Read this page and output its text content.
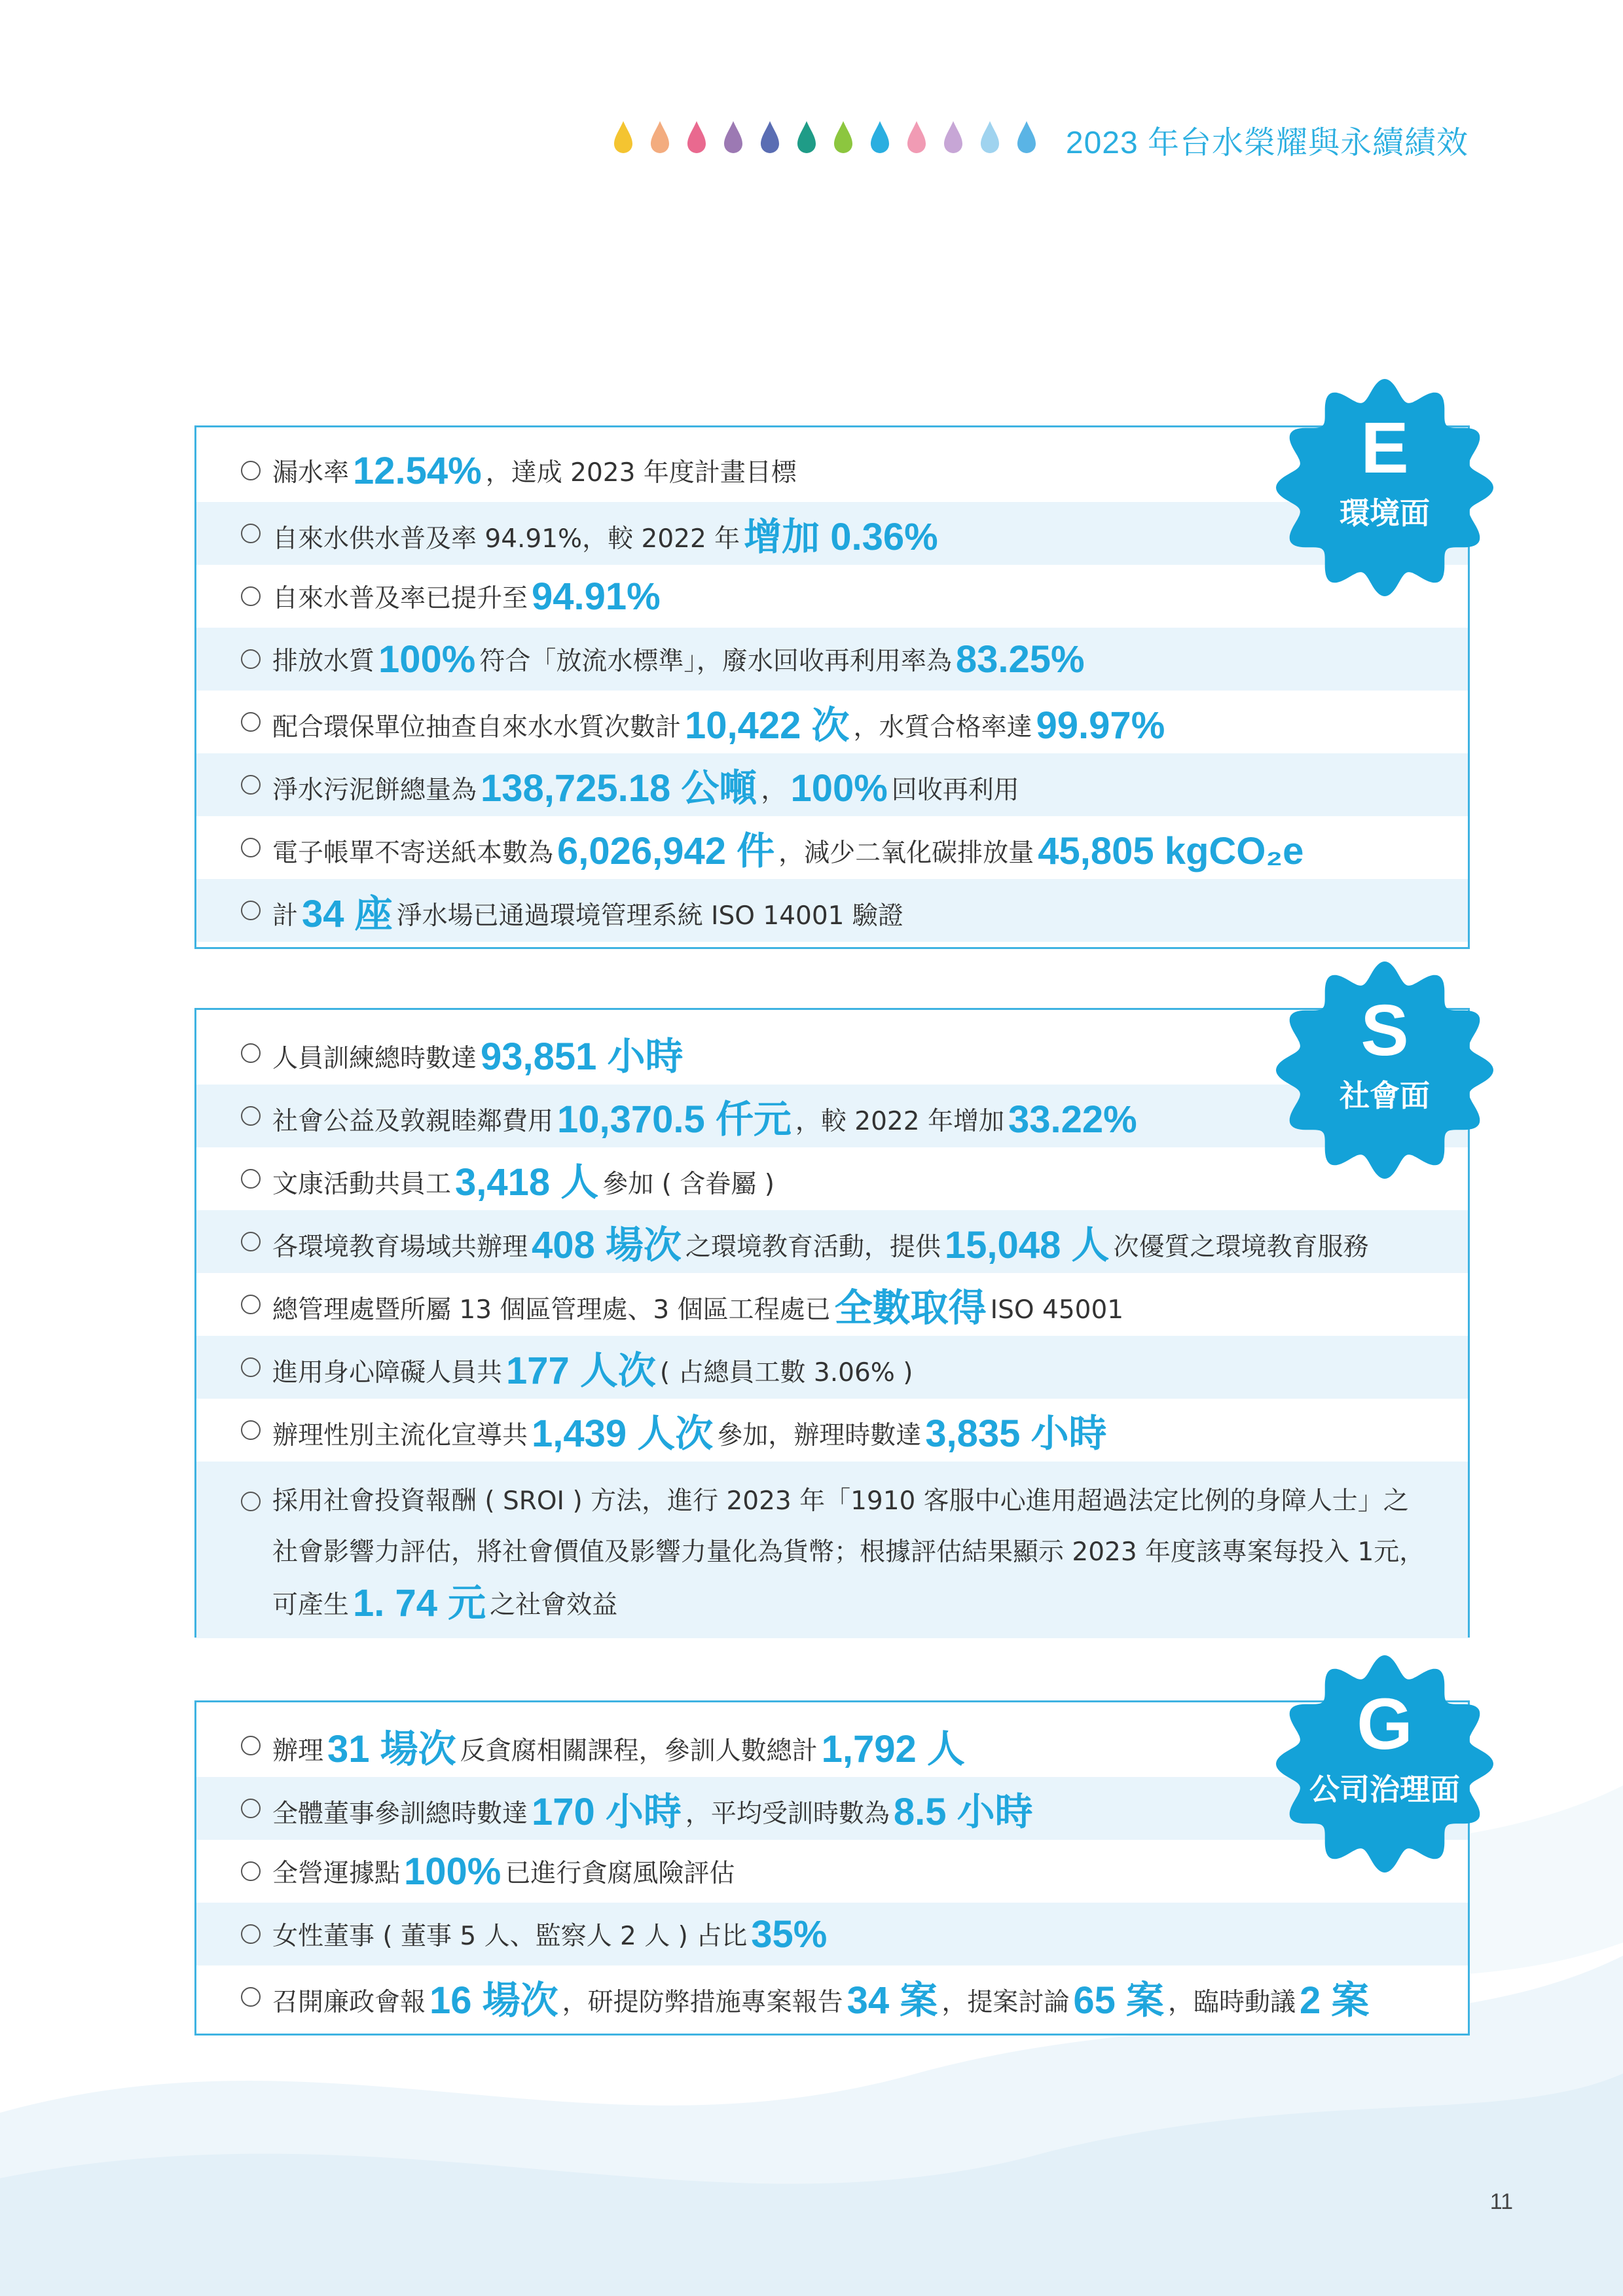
2023 年台水榮耀與永續績效
漏水率 12.54% ，達成 2023 年度計畫目標
自來水供水普及率 94.91%，較 2022 年 增加 0.36%
自來水普及率已提升至 94.91%
排放水質 100% 符合「放流水標準」，廢水回收再利用率為 83.25%
配合環保單位抽查自來水水質次數計 10,422 次 ，水質合格率達 99.97%
淨水污泥餅總量為 138,725.18 公噸 ， 100% 回收再利用
電子帳單不寄送紙本數為 6,026,942 件 ，減少二氧化碳排放量 45,805 kgCO₂e
計 34 座 淨水場已通過環境管理系統 ISO 14001 驗證
E
環境面
人員訓練總時數達 93,851 小時
社會公益及敦親睦鄰費用 10,370.5 仟元 ，較 2022 年增加 33.22%
文康活動共員工 3,418 人 參加 ( 含眷屬 )
各環境教育場域共辦理 408 場次 之環境教育活動，提供 15,048 人 次優質之環境教育服務
總管理處暨所屬 13 個區管理處、3 個區工程處已 全數取得 ISO 45001
進用身心障礙人員共 177 人次 ( 占總員工數 3.06% )
辦理性別主流化宣導共 1,439 人次 參加，辦理時數達 3,835 小時
採用社會投資報酬 ( SROI ) 方法，進行 2023 年「1910 客服中心進用超過法定比例的身障人士」之社會影響力評估，將社會價值及影響力量化為貨幣；根據評估結果顯示 2023 年度該專案每投入 1元，可產生 1. 74 元 之社會效益
S
社會面
辦理 31 場次 反貪腐相關課程，參訓人數總計 1,792 人
全體董事參訓總時數達 170 小時 ，平均受訓時數為 8.5 小時
全營運據點 100% 已進行貪腐風險評估
女性董事 ( 董事 5 人、監察人 2 人 ) 占比 35%
召開廉政會報 16 場次 ，研提防弊措施專案報告 34 案 ，提案討論 65 案 ，臨時動議 2 案
G
公司治理面
11
